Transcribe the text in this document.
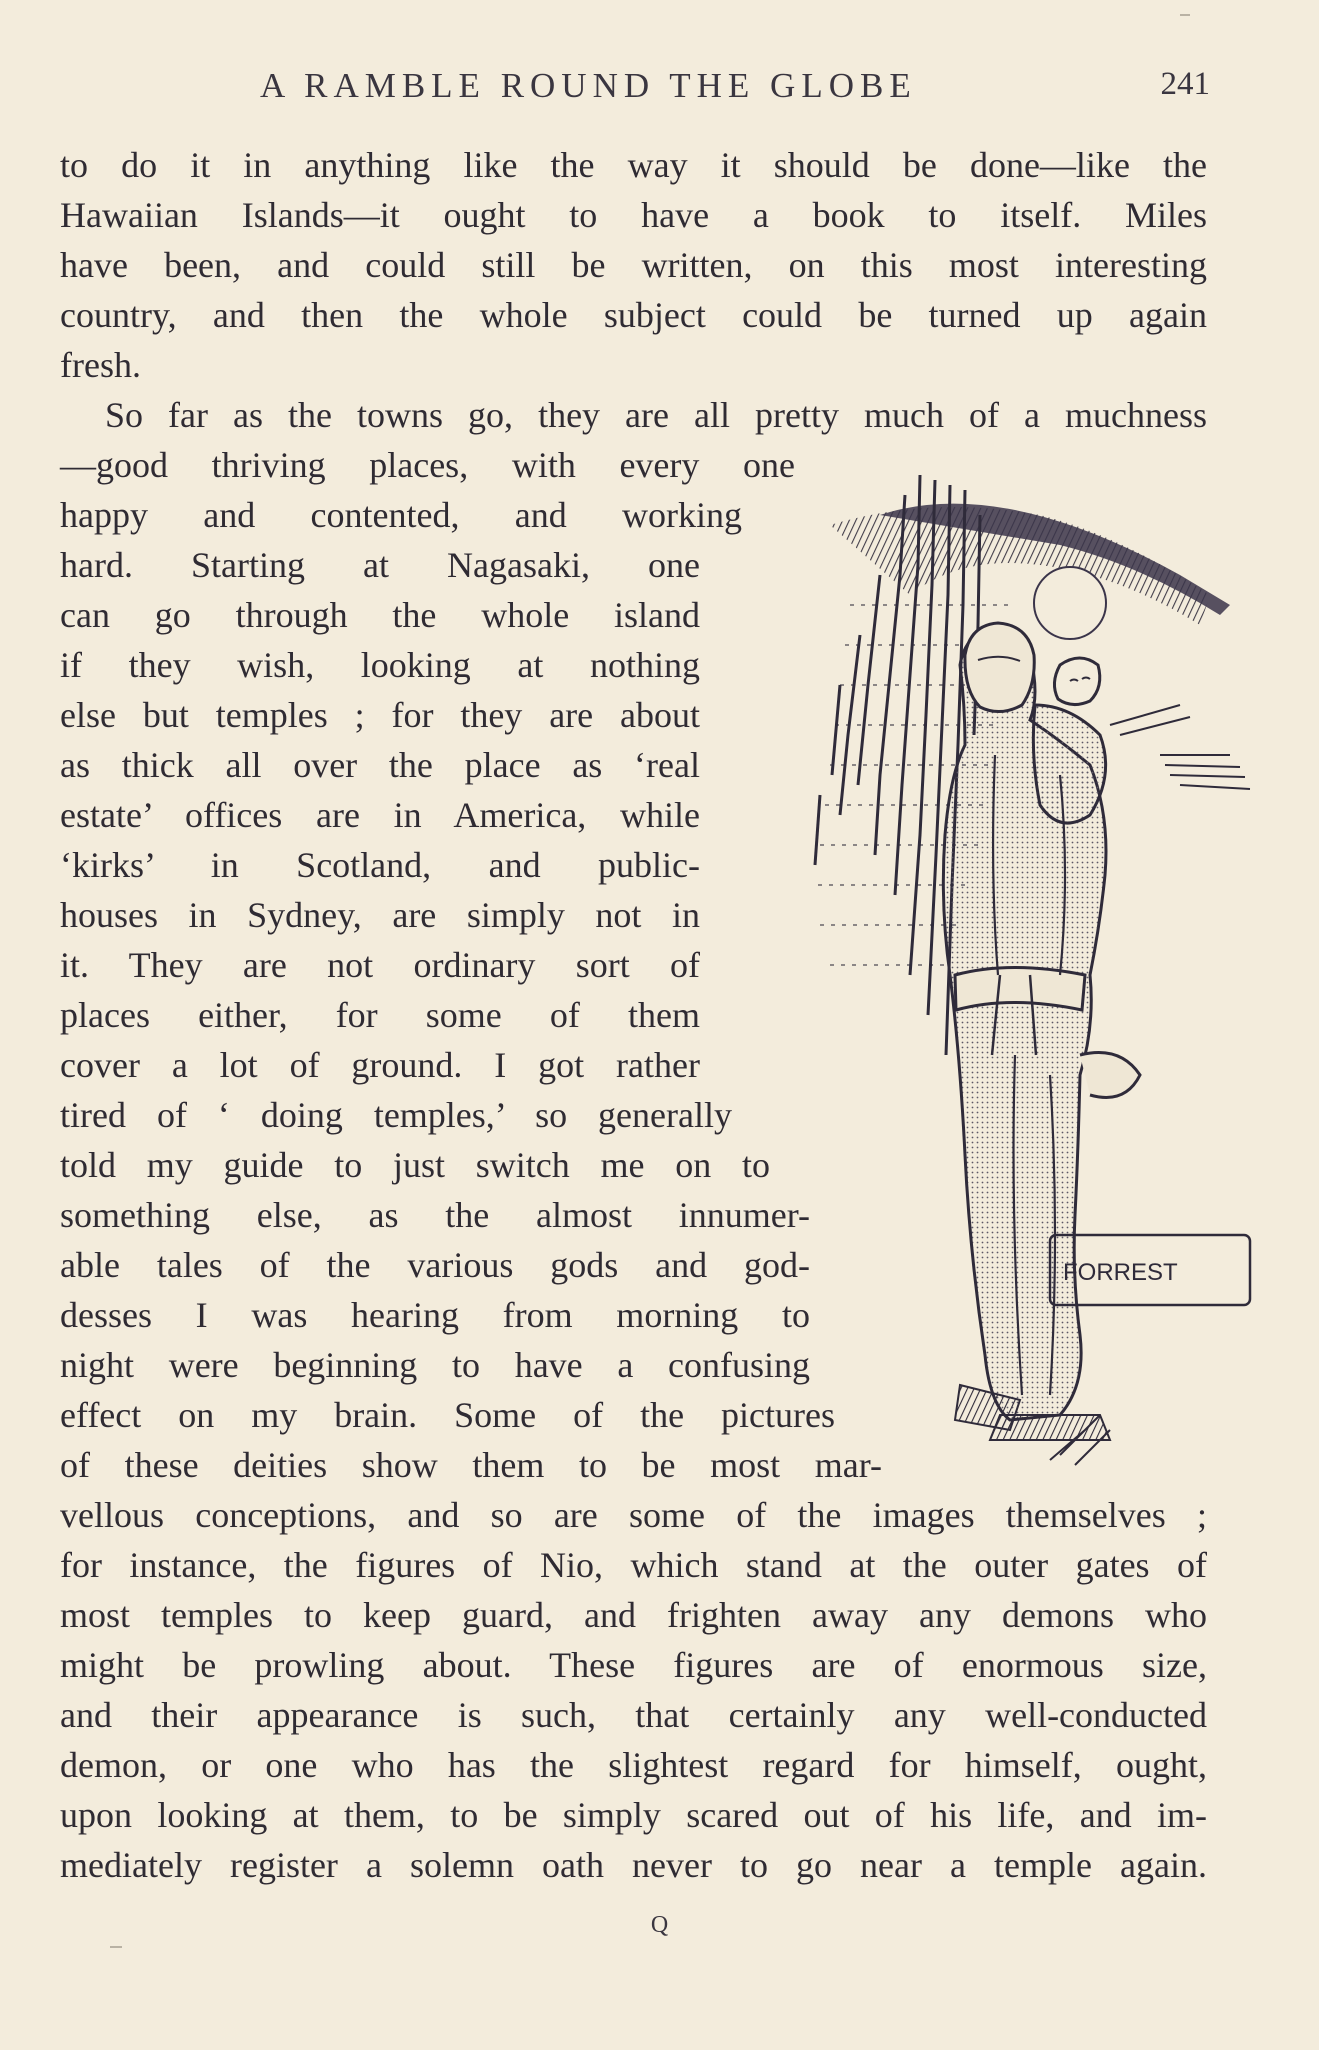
A RAMBLE ROUND THE GLOBE	241
to do it in anything like the way it should be done—like the
Hawaiian Islands—it ought to have a book to itself. Miles
have been, and could still be written, on this most interesting
country, and then the whole subject could be turned up again
fresh.
So far as the towns go, they are all pretty much of a muchness
—good thriving places, with every one
happy and contented, and working
hard. Starting at Nagasaki, one
can go through the whole island
if they wish, looking at nothing
else but temples ; for they are about
as thick all over the place as ‘real
estate’ offices are in America, while
‘kirks’ in Scotland, and public-
houses in Sydney, are simply not in
it. They are not ordinary sort of
places either, for some of them
cover a lot of ground. I got rather
tired of ‘ doing temples,’ so generally
told my guide to just switch me on to
something else, as the almost innumer-
able tales of the various gods and god-
desses I was hearing from morning to
night were beginning to have a confusing
effect on my brain. Some of the pictures
of these deities show them to be most mar-
vellous conceptions, and so are some of the images themselves ;
for instance, the figures of Nio, which stand at the outer gates of
most temples to keep guard, and frighten away any demons who
might be prowling about. These figures are of enormous size,
and their appearance is such, that certainly any well-conducted
demon, or one who has the slightest regard for himself, ought,
upon looking at them, to be simply scared out of his life, and im-
mediately register a solemn oath never to go near a temple again.
FORREST
Q
